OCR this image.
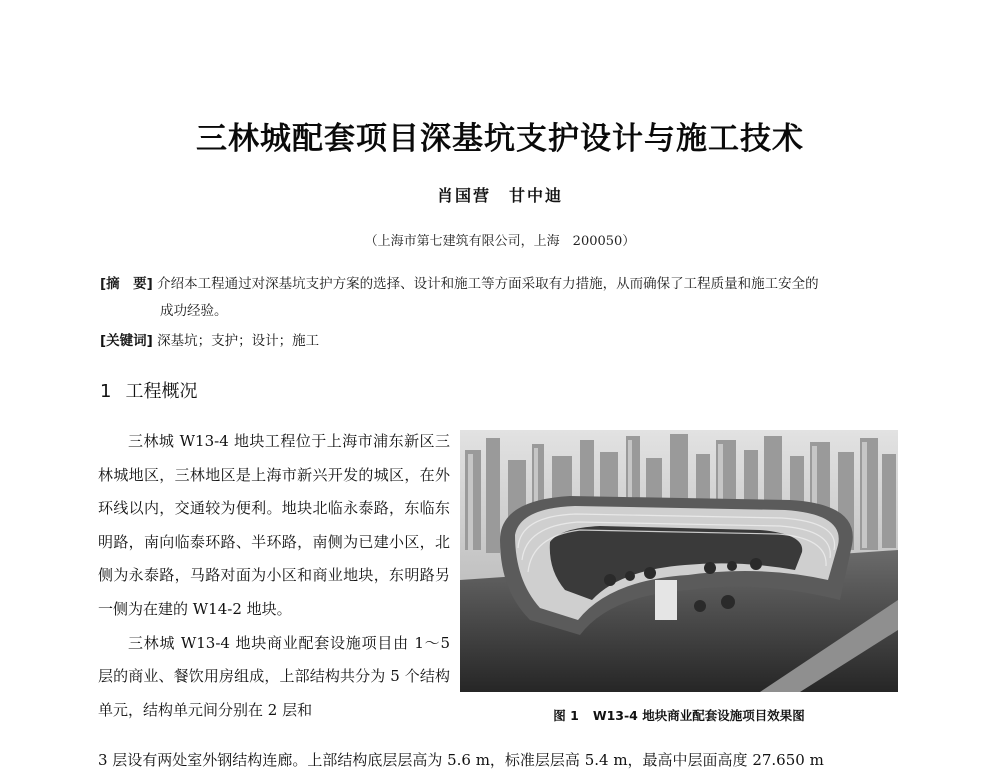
三林城配套项目深基坑支护设计与施工技术
肖国营　甘中迪
（上海市第七建筑有限公司，上海　200050）
[摘　要] 介绍本工程通过对深基坑支护方案的选择、设计和施工等方面采取有力措施，从而确保了工程质量和施工安全的
成功经验。
[关键词] 深基坑；支护；设计；施工
1 工程概况

三林城 W13-4 地块工程位于上海市浦东新区三林城地区，三林地区是上海市新兴开发的城区，在外环线以内，交通较为便利。地块北临永泰路，东临东明路，南向临泰环路、半环路，南侧为已建小区，北侧为永泰路，马路对面为小区和商业地块，东明路另一侧为在建的 W14-2 地块。

三林城 W13-4 地块商业配套设施项目由 1～5 层的商业、餐饮用房组成，上部结构共分为 5 个结构单元，结构单元间分别在 2 层和

3 层设有两处室外钢结构连廊。上部结构底层层高为 5.6 m，标准层层高 5.4 m，最高中层面高度 27.650 m
图 1 W13-4 地块商业配套设施项目效果图
